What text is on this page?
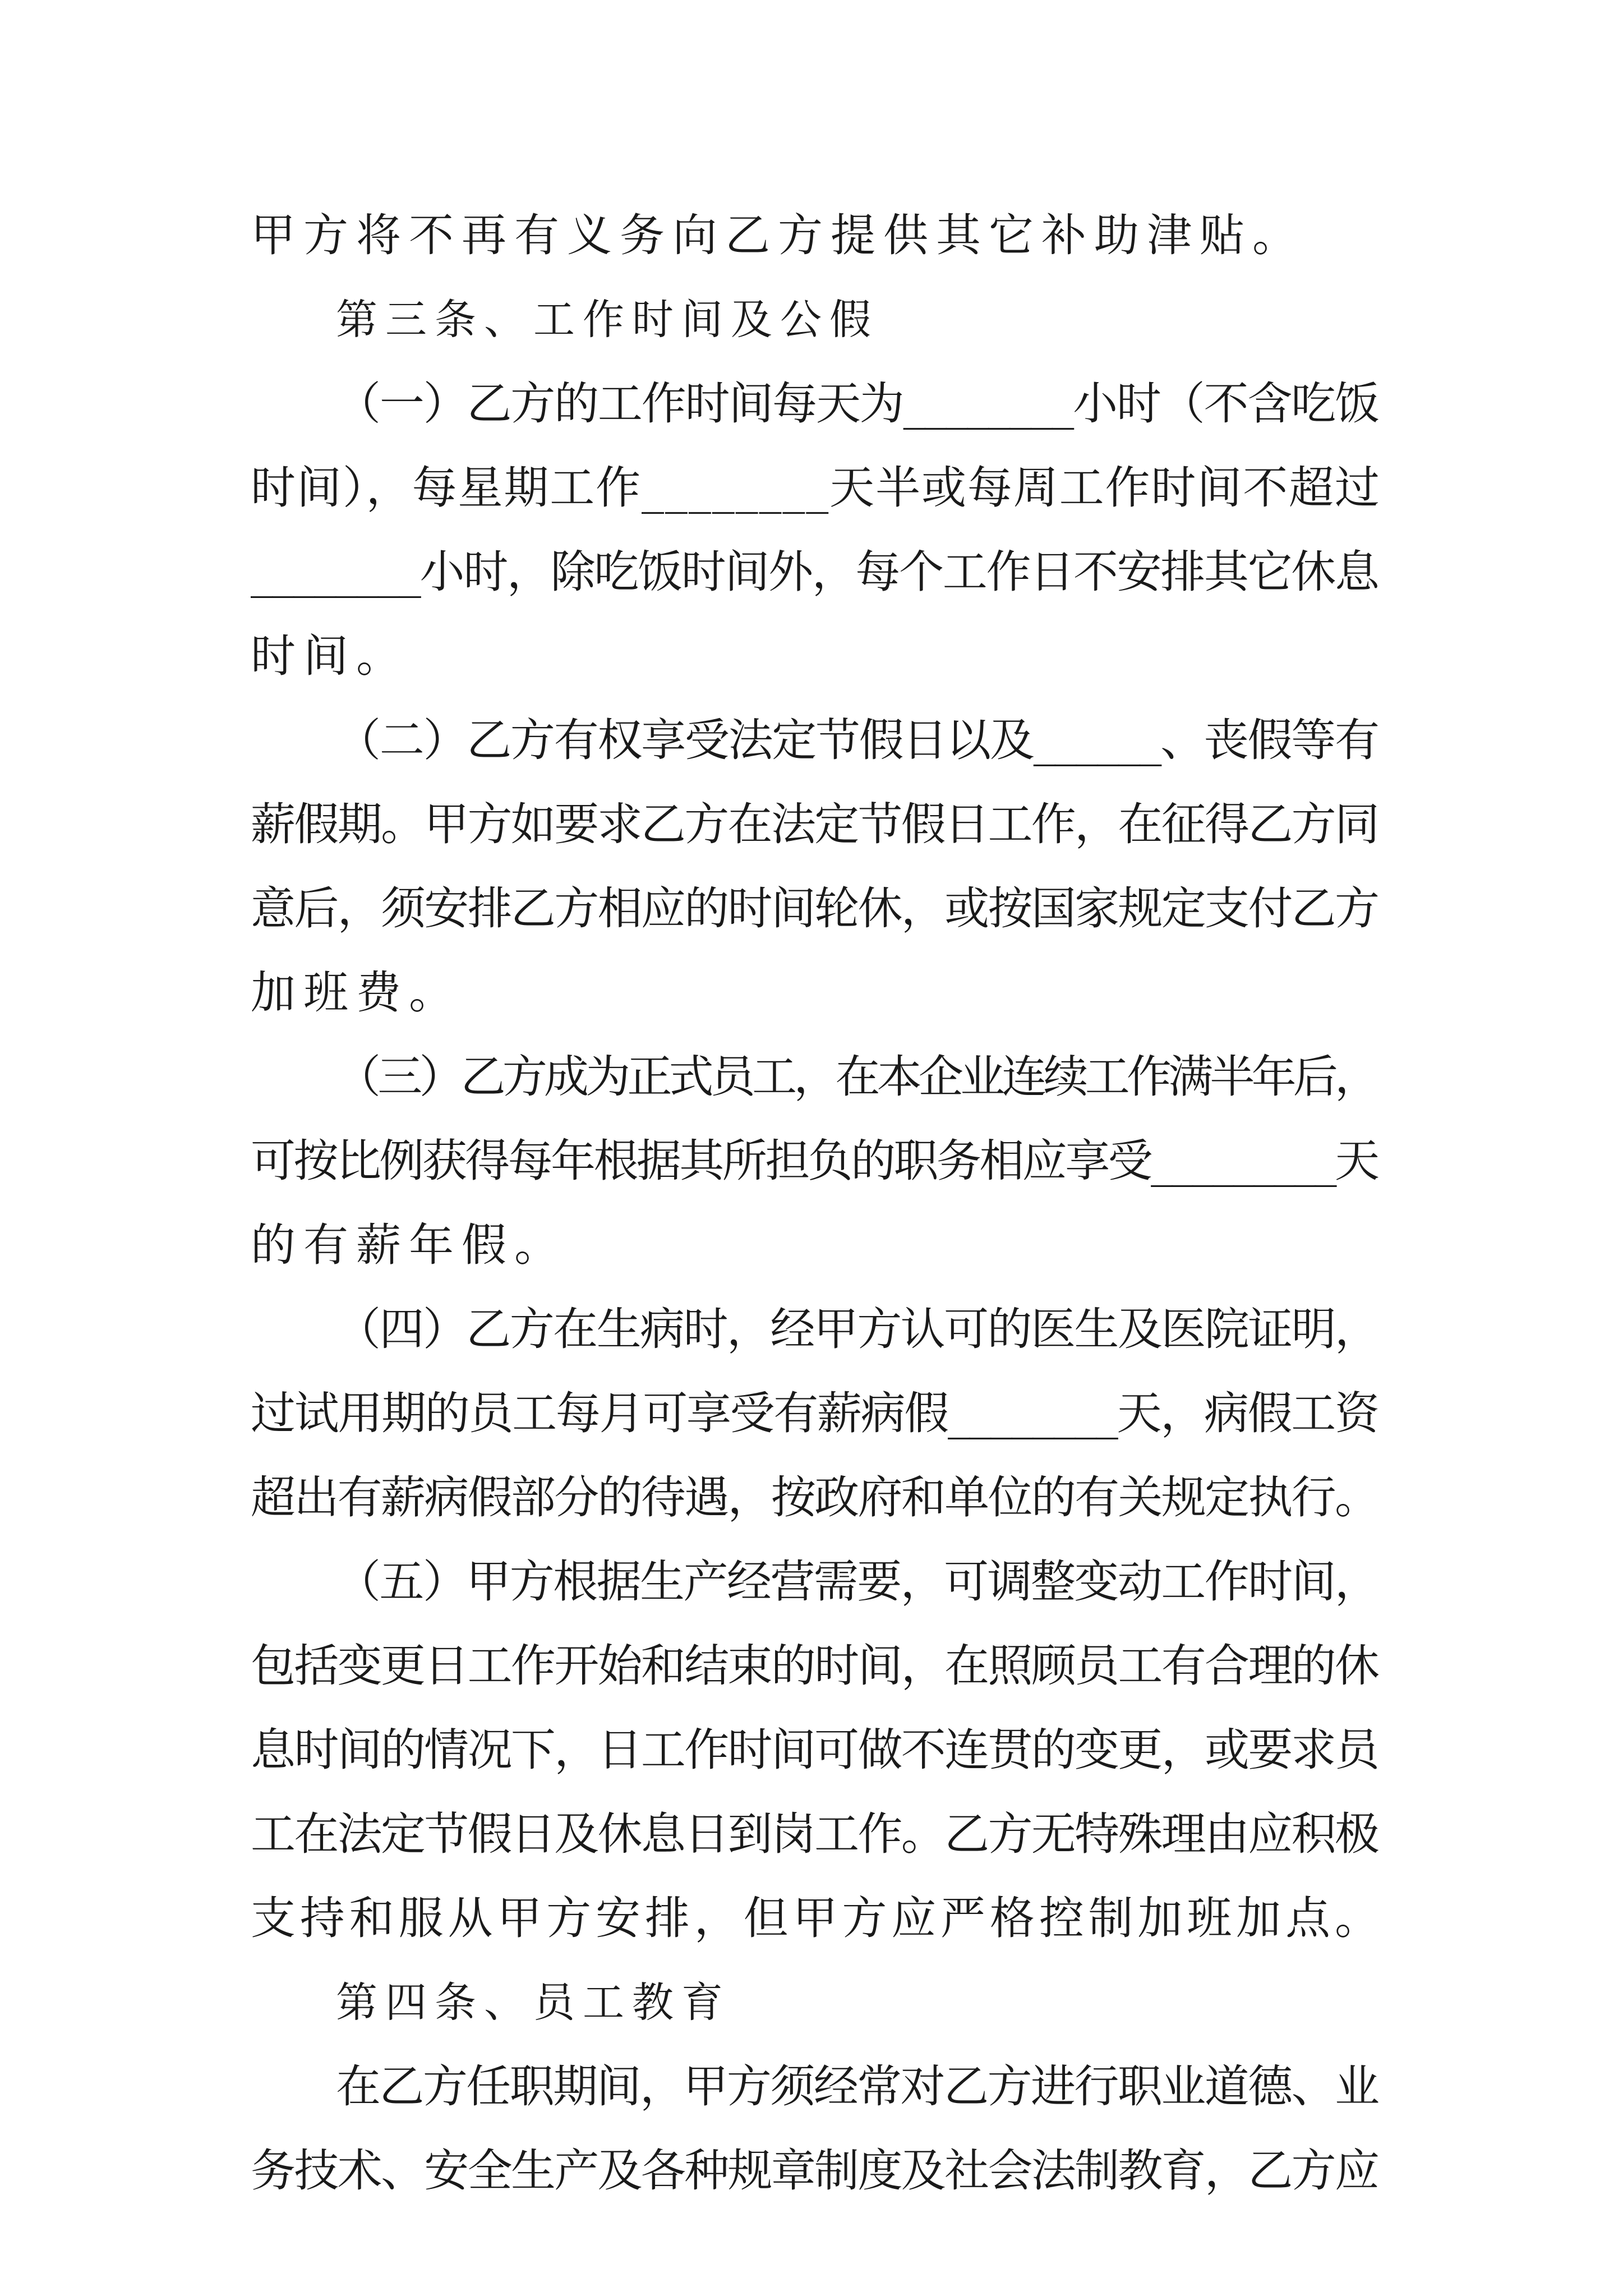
甲方将不再有义务向乙方提供其它补助津贴。

第三条、工作时间及公假

（一）乙方的工作时间每天为________小时（不含吃饭

时间），每星期工作________天半或每周工作时间不超过

________小时，除吃饭时间外，每个工作日不安排其它休息

时间。

（二）乙方有权享受法定节假日以及______、丧假等有

薪假期。甲方如要求乙方在法定节假日工作，在征得乙方同

意后，须安排乙方相应的时间轮休，或按国家规定支付乙方

加班费。

（三）乙方成为正式员工，在本企业连续工作满半年后，

可按比例获得每年根据其所担负的职务相应享受_________天

的有薪年假。

（四）乙方在生病时，经甲方认可的医生及医院证明，

过试用期的员工每月可享受有薪病假________天，病假工资

超出有薪病假部分的待遇，按政府和单位的有关规定执行。

（五）甲方根据生产经营需要，可调整变动工作时间，

包括变更日工作开始和结束的时间，在照顾员工有合理的休

息时间的情况下，日工作时间可做不连贯的变更，或要求员

工在法定节假日及休息日到岗工作。乙方无特殊理由应积极

支持和服从甲方安排，但甲方应严格控制加班加点。

第四条、员工教育

在乙方任职期间，甲方须经常对乙方进行职业道德、业

务技术、安全生产及各种规章制度及社会法制教育，乙方应
